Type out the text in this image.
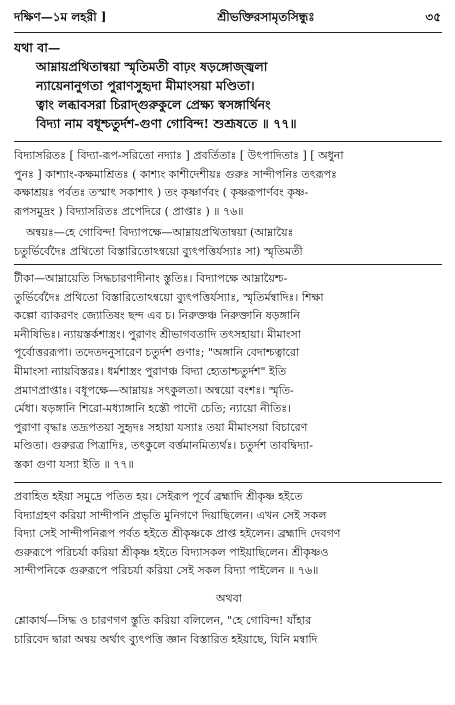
দক্ষিণ—১ম লহরী ]	শ্রীভক্তিরসামৃতসিন্ধুঃ	৩৫
যথা বা—
আম্নায়প্রথিতান্বয়া স্মৃতিমতী বাঢ়ং ষড়ঙ্গোজ্জ্বলা
ন্যায়েনানুগতা পুরাণসুহৃদা মীমাংসয়া মণ্ডিতা।
ত্বাং লব্ধাবসরা চিরাদ্‌গুরুকুলে প্রেক্ষ্য স্বসঙ্গার্থিনং
বিদ্যা নাম বধূশ্চতুর্দশ-গুণা গোবিন্দ! শুশ্রূষতে ॥ ৭৭॥
বিদ্যাসরিতঃ [ বিদ্যা-রূপ-সরিতো নদ্যাঃ ] প্রবর্তিতাঃ [ উৎপাদিতাঃ ] [ অধুনা
পুনঃ ] কাশ্যাং-কক্ষমাশ্রিতঃ ( কাশ্যং কাশীদেশীয়ঃ গুরুঃ সান্দীপনিঃ তৎরূপঃ
কক্ষাশ্রয়ঃ পর্বতঃ তস্মাৎ সকাশাৎ ) তং কৃষ্ণার্ণবং ( কৃষ্ণরূপার্ণবং কৃষ্ণ-
রূপসমুদ্রং ) বিদ্যাসরিতঃ প্রপেদিরে ( প্রাপ্তাঃ ) ॥ ৭৬॥
অন্বয়ঃ—হে গোবিন্দ! বিদ্যাপক্ষে—আম্নায়প্রথিতান্বয়া (আম্নায়ৈঃ
চতুর্ভির্বেদৈঃ প্রথিতো বিস্তারিতোঽন্বয়ো ব্যুৎপত্তির্যস্যাঃ সা) স্মৃতিমতী
টীকা—আম্নায়েতি সিদ্ধচারণাদীনাং স্তুতিঃ। বিদ্যাপক্ষে আম্নায়ৈশ্চ-
তুর্ভির্বেদৈঃ প্রথিতো বিস্তারিতোঽন্বয়ো ব্যুৎপত্তির্যস্যাঃ, স্মৃতির্মন্বাদিঃ। শিক্ষা
কল্পো ব্যাকরণং জ্যোতিষং ছন্দ এব চ। নিরুক্তঞ্চ নিরুক্তানি ষড়ঙ্গানি
মনীষিভিঃ। ন্যায়স্তর্কশাস্ত্রং। পুরাণং শ্রীভাগবতাদি তৎসহায়া। মীমাংসা
পূর্বোত্তররূপা। তদেতদনুসারেণ চতুর্দশ গুণাঃ; "অঙ্গানি বেদাশ্চত্বারো
মীমাংসা ন্যায়বিস্তরঃ। ধর্মশাস্ত্রং পুরাণঞ্চ বিদ্যা হ্যেতাশ্চতুর্দশ" ইতি
প্রমাণপ্রাপ্তাঃ। বধূপক্ষে—আম্নায়ঃ সৎকুলতা। অন্বয়ো বংশঃ। স্মৃতি-
র্মেধা। ষড়ঙ্গানি শিরো-মধ্যাঙ্গানি হস্তৌ পাদৌ চেতি; ন্যায়ো নীতিঃ।
পুরাণা বৃদ্ধাঃ তদ্রূপতয়া সুহৃদঃ সহায়া যস্যাঃ তয়া মীমাংসয়া বিচারেণ
মণ্ডিতা। গুরুরত্র পিত্রাদিঃ, তৎকুলে বর্ত্তমানমিত্যর্থঃ। চতুর্দশ তাবদ্বিদ্যা-
স্তকা গুণা যস্যা ইতি ॥ ৭৭॥
প্রবাহিত হইয়া সমুদ্রে পতিত হয়। সেইরূপ পূর্বে ব্রহ্মাদি শ্রীকৃষ্ণ হইতে
বিদ্যাগ্রহণ করিয়া সান্দীপনি প্রভৃতি মুনিগণে দিয়াছিলেন। এখন সেই সকল
বিদ্যা সেই সান্দীপনিরূপ পর্বত হইতে শ্রীকৃষ্ণকে প্রাপ্ত হইলেন। ব্রহ্মাদি দেবগণ
গুরুরূপে পরিচর্যা করিয়া শ্রীকৃষ্ণ হইতে বিদ্যাসকল পাইয়াছিলেন। শ্রীকৃষ্ণও
সান্দীপনিকে গুরুরূপে পরিচর্যা করিয়া সেই সকল বিদ্যা পাইলেন ॥ ৭৬॥
অথবা
শ্লোকার্থ—সিদ্ধ ও চারণগণ স্তুতি করিয়া বলিলেন, "হে গোবিন্দ! যাঁহার
চারিবেদ দ্বারা অন্বয় অর্থাৎ ব্যুৎপত্তি জ্ঞান বিস্তারিত হইয়াছে, যিনি মন্বাদি
